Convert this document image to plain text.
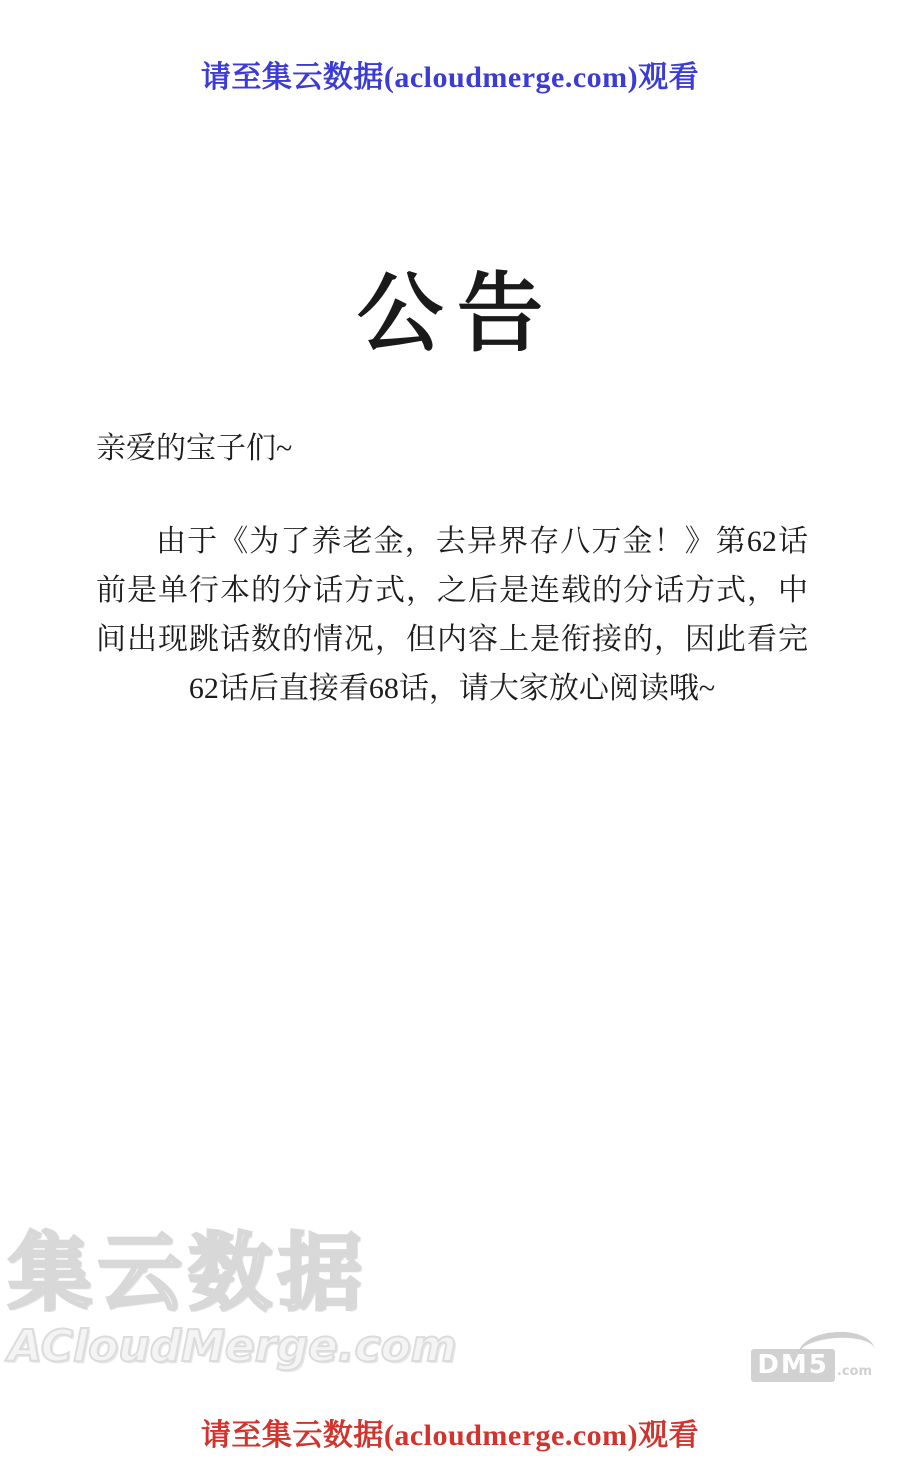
请至集云数据(acloudmerge.com)观看
公告
亲爱的宝子们~
由于《为了养老金，去异界存八万金！》第62话前是单行本的分话方式，之后是连载的分话方式，中间出现跳话数的情况，但内容上是衔接的，因此看完62话后直接看68话，请大家放心阅读哦~
集云数据
ACloudMerge.com	DM5 .com
请至集云数据(acloudmerge.com)观看
